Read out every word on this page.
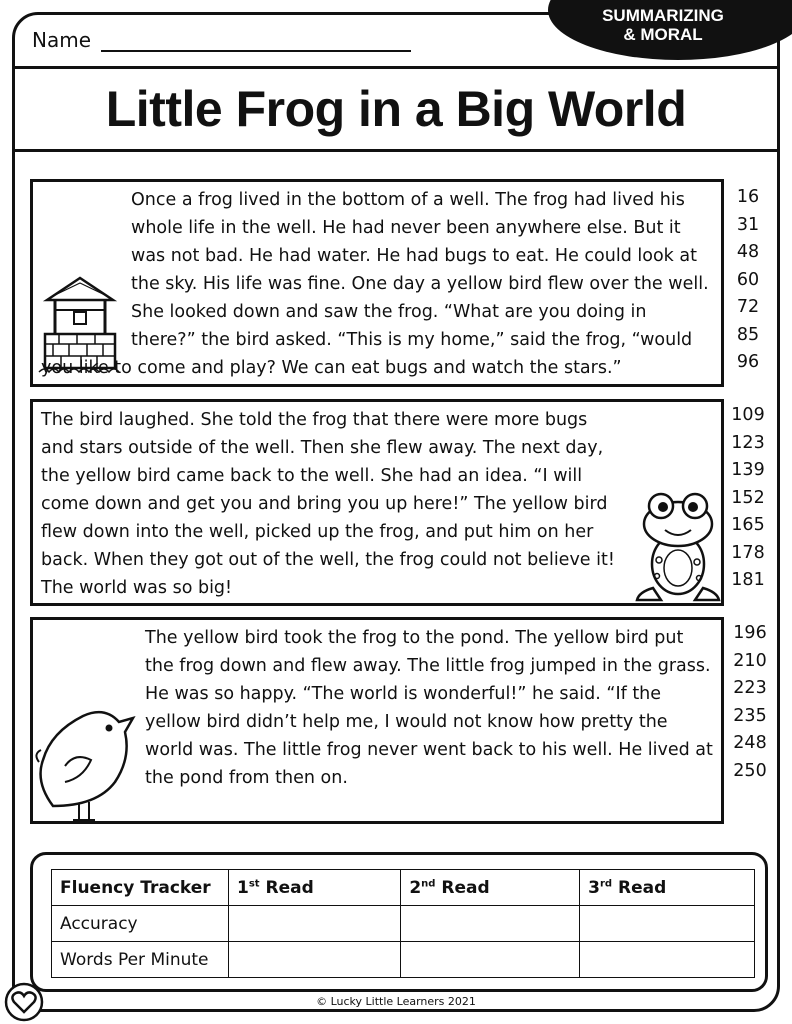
SUMMARIZING
& MORAL
Name
Little Frog in a Big World

Once a frog lived in the bottom of a well. The frog had lived his whole life in the well. He had never been anywhere else. But it was not bad. He had water. He had bugs to eat. He could look at the sky. His life was fine. One day a yellow bird flew over the well. She looked down and saw the frog. “What are you doing in there?” the bird asked. “This is my home,” said the frog, “would you like to come and play? We can eat bugs and watch the stars.”

16
31
48
60
72
85
96

The bird laughed. She told the frog that there were more bugs and stars outside of the well. Then she flew away. The next day, the yellow bird came back to the well. She had an idea. “I will come down and get you and bring you up here!” The yellow bird flew down into the well, picked up the frog, and put him on her back. When they got out of the well, the frog could not believe it! The world was so big!

109
123
139
152
165
178
181

The yellow bird took the frog to the pond. The yellow bird put the frog down and flew away. The little frog jumped in the grass. He was so happy. “The world is wonderful!” he said. “If the yellow bird didn’t help me, I would not know how pretty the world was. The little frog never went back to his well. He lived at the pond from then on.

196
210
223
235
248
250
Fluency Tracker	1st Read	2nd Read	3rd Read
Accuracy			
Words Per Minute			
© Lucky Little Learners 2021
